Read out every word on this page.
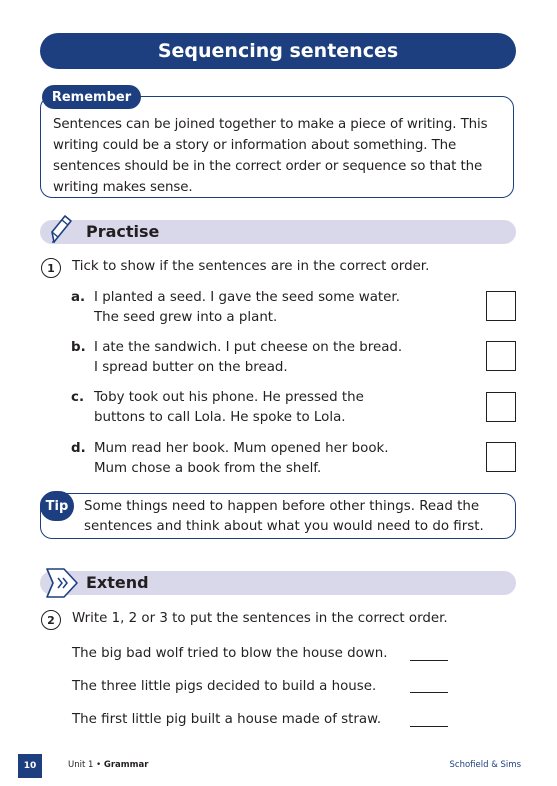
Sequencing sentences
Remember
Sentences can be joined together to make a piece of writing. This
writing could be a story or information about something. The
sentences should be in the correct order or sequence so that the
writing makes sense.
Practise
1	Tick to show if the sentences are in the correct order.
a. I planted a seed. I gave the seed some water.
The seed grew into a plant.
b. I ate the sandwich. I put cheese on the bread.
I spread butter on the bread.
c. Toby took out his phone. He pressed the
buttons to call Lola. He spoke to Lola.
d. Mum read her book. Mum opened her book.
Mum chose a book from the shelf.
Tip Some things need to happen before other things. Read the
sentences and think about what you would need to do first.
Extend
2	Write 1, 2 or 3 to put the sentences in the correct order.
The big bad wolf tried to blow the house down.
The three little pigs decided to build a house.
The first little pig built a house made of straw.
10	Unit 1 • Grammar	Schofield & Sims
